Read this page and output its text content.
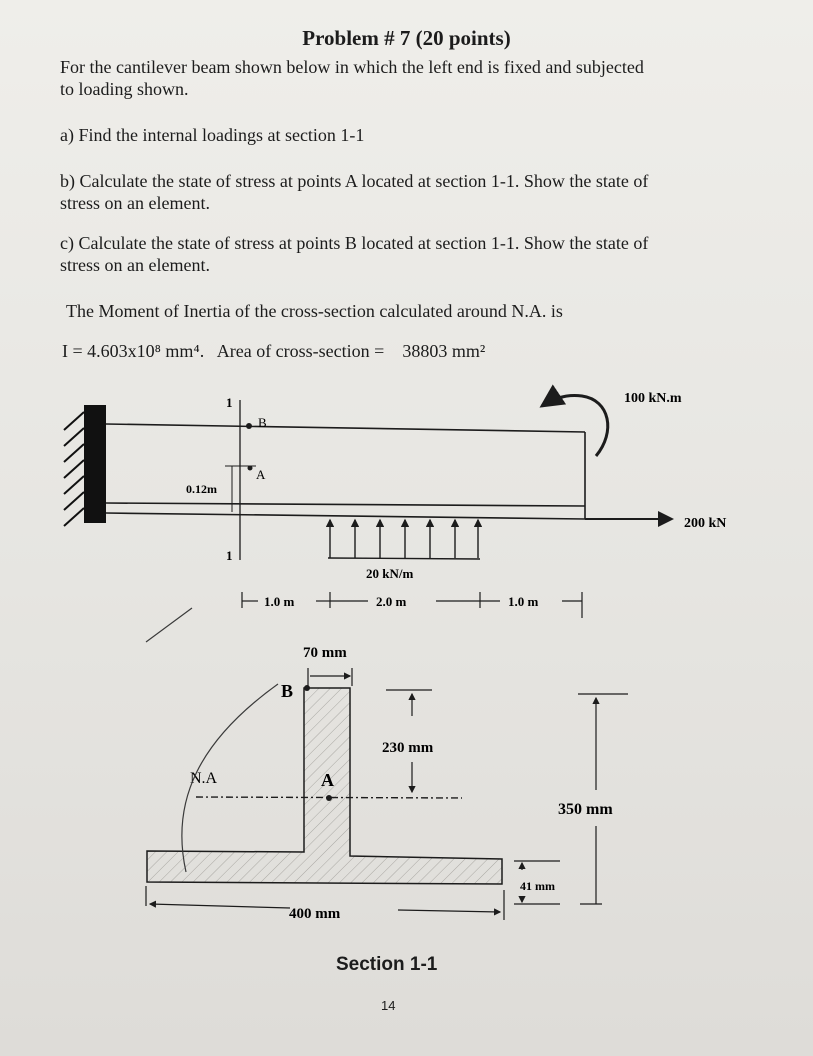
Problem # 7 (20 points)
For the cantilever beam shown below in which the left end is fixed and subjected
to loading shown.
a) Find the internal loadings at section 1-1
b) Calculate the state of stress at points A located at section 1-1. Show the state of
stress on an element.
c) Calculate the state of stress at points B located at section 1-1. Show the state of
stress on an element.
The Moment of Inertia of the cross-section calculated around N.A. is
I = 4.603x10⁸ mm⁴. Area of cross-section = 38803 mm²
1
1
B
A
0.12m
100 kN.m
200 kN
20 kN/m
1.0 m	2.0 m	1.0 m
B
A
N.A
70 mm
230 mm
350 mm
41 mm
400 mm
Section 1-1
14
